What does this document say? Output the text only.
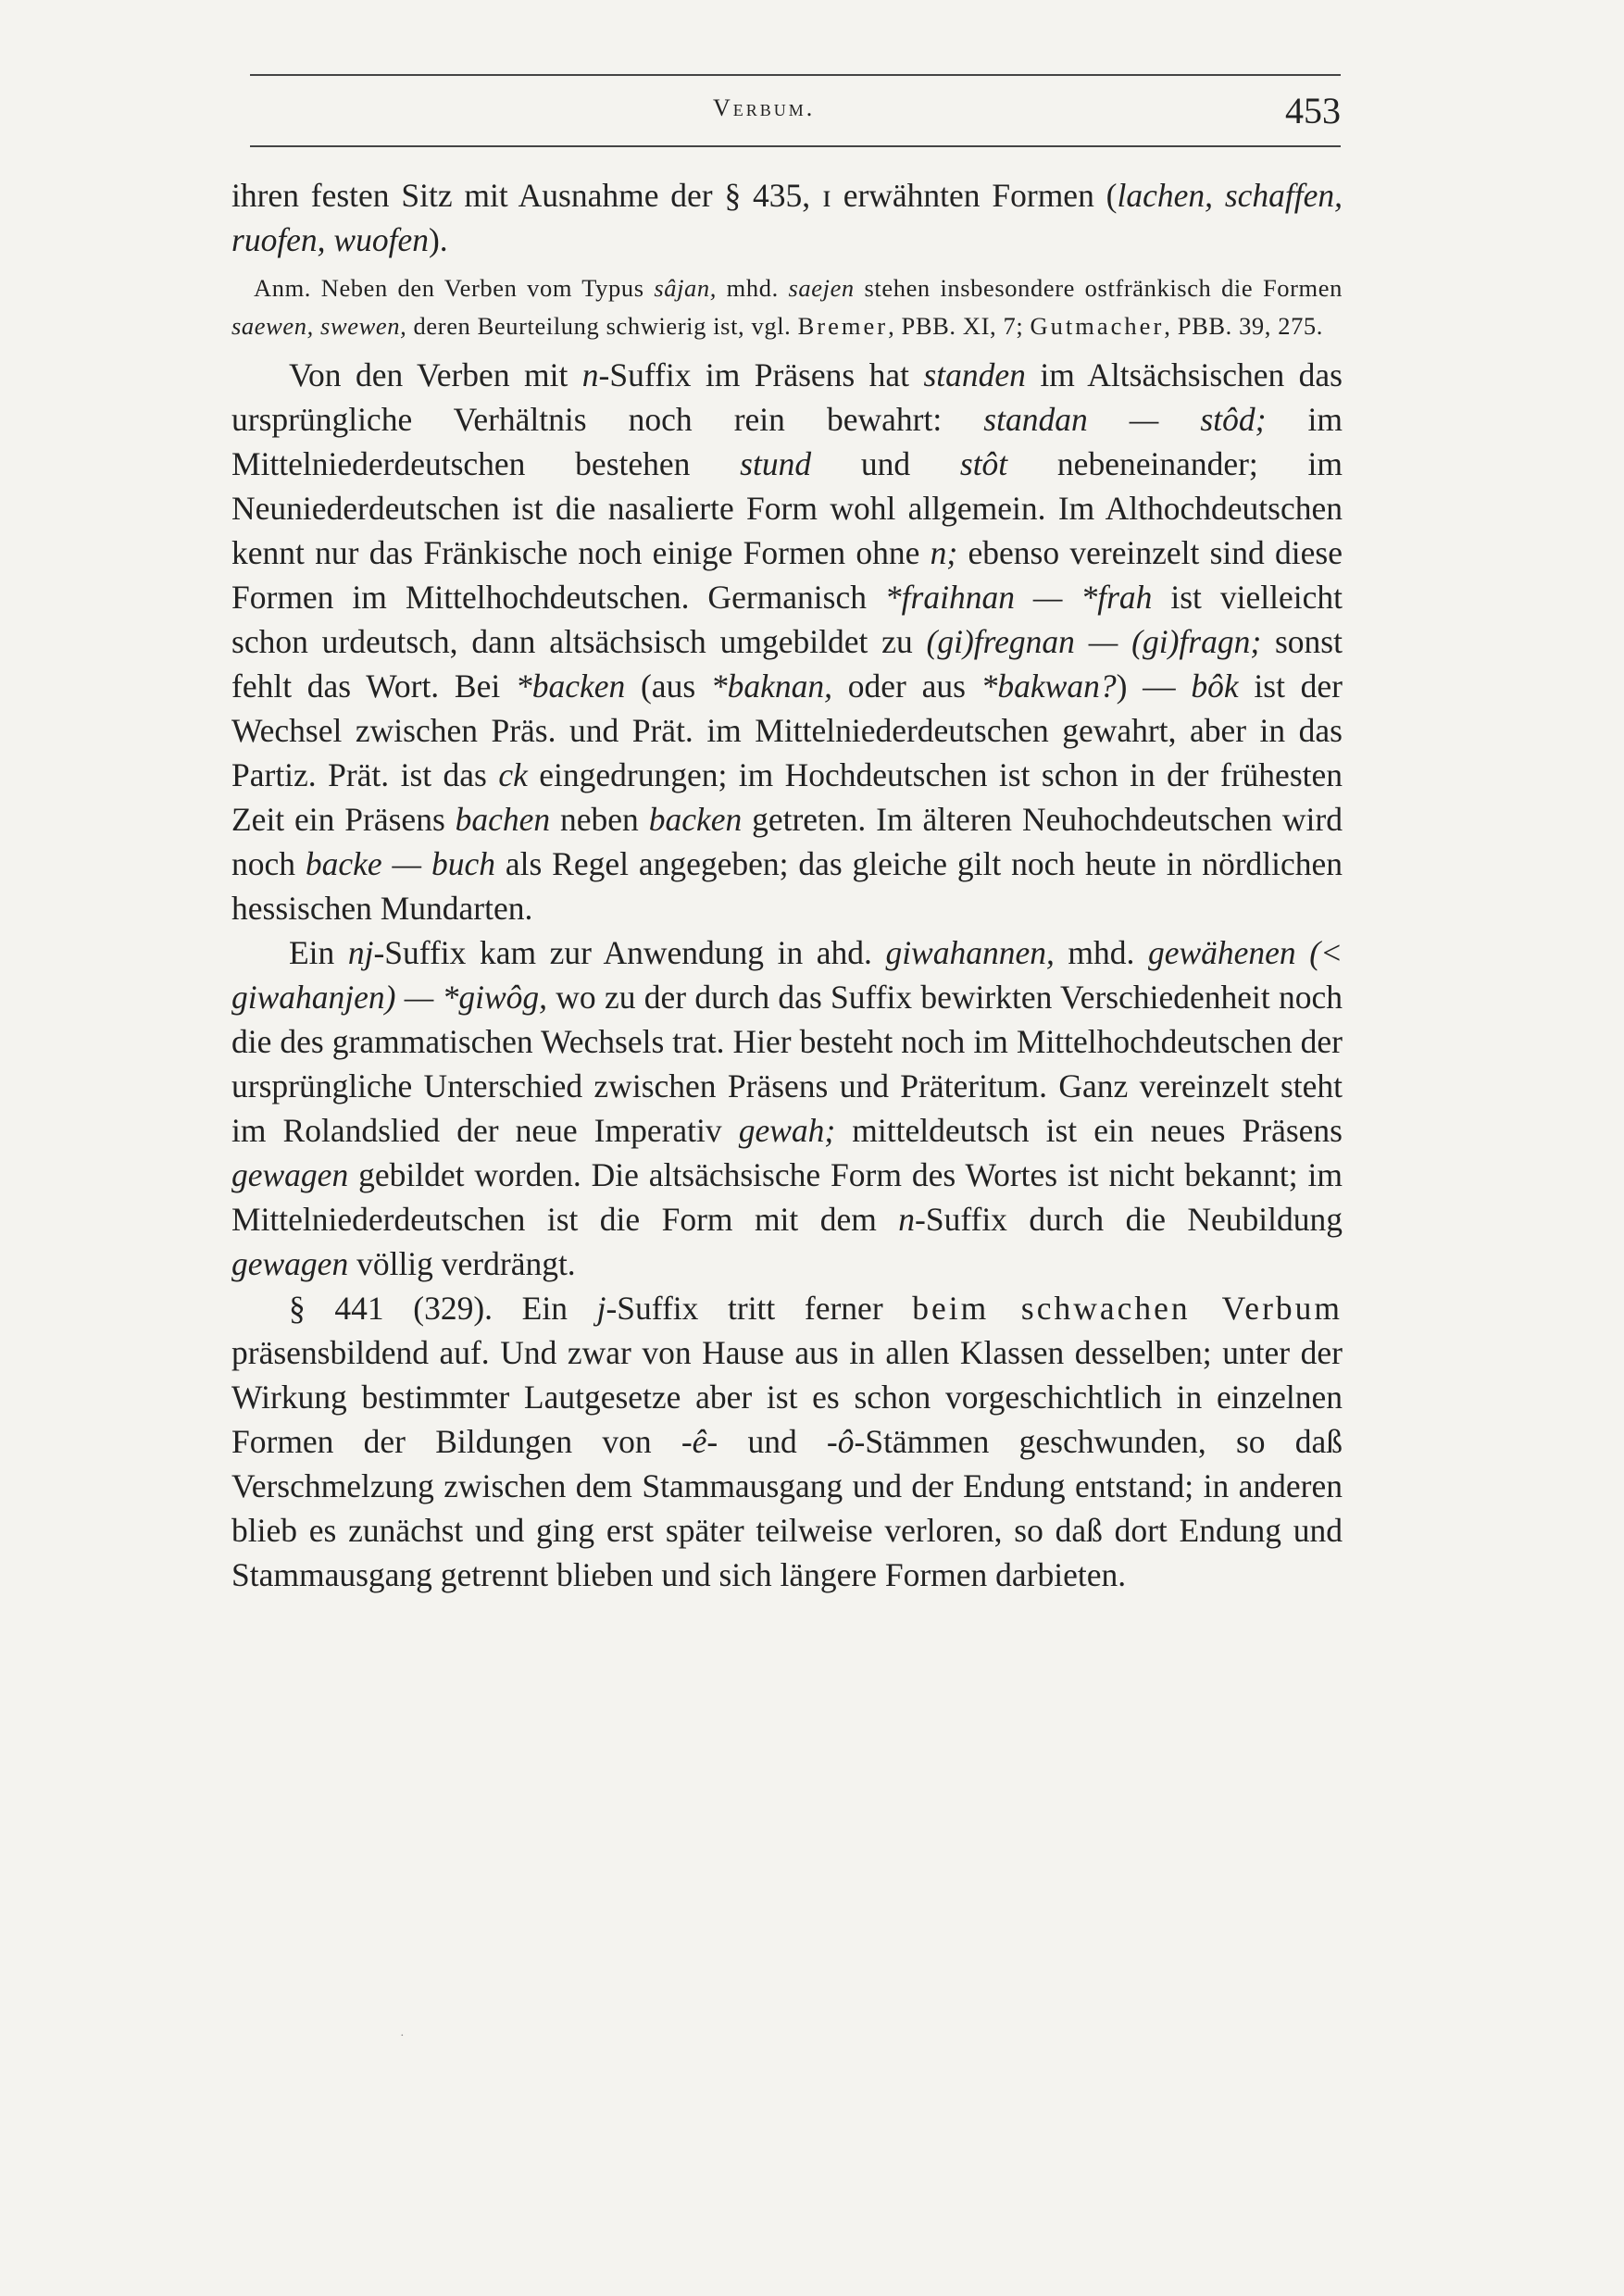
Verbum.	453

ihren festen Sitz mit Ausnahme der § 435, ɪ erwähnten Formen (lachen, schaffen, ruofen, wuofen).

Anm. Neben den Verben vom Typus sâjan, mhd. saejen stehen insbesondere ostfränkisch die Formen saewen, swewen, deren Beurteilung schwierig ist, vgl. Bremer, PBB. XI, 7; Gutmacher, PBB. 39, 275.

Von den Verben mit n-Suffix im Präsens hat standen im Altsächsischen das ursprüngliche Verhältnis noch rein bewahrt: standan — stôd; im Mittelniederdeutschen bestehen stund und stôt nebeneinander; im Neuniederdeutschen ist die nasalierte Form wohl allgemein. Im Althochdeutschen kennt nur das Fränkische noch einige Formen ohne n; ebenso vereinzelt sind diese Formen im Mittelhochdeutschen. Germanisch *fraihnan — *frah ist vielleicht schon urdeutsch, dann altsächsisch umgebildet zu (gi)fregnan — (gi)fragn; sonst fehlt das Wort. Bei *backen (aus *baknan, oder aus *bakwan?) — bôk ist der Wechsel zwischen Präs. und Prät. im Mittelniederdeutschen gewahrt, aber in das Partiz. Prät. ist das ck eingedrungen; im Hochdeutschen ist schon in der frühesten Zeit ein Präsens bachen neben backen getreten. Im älteren Neuhochdeutschen wird noch backe — buch als Regel angegeben; das gleiche gilt noch heute in nördlichen hessischen Mundarten.

Ein nj-Suffix kam zur Anwendung in ahd. giwahannen, mhd. gewähenen (< giwahanjen) — *giwôg, wo zu der durch das Suffix bewirkten Verschiedenheit noch die des grammatischen Wechsels trat. Hier besteht noch im Mittelhochdeutschen der ursprüngliche Unterschied zwischen Präsens und Präteritum. Ganz vereinzelt steht im Rolandslied der neue Imperativ gewah; mitteldeutsch ist ein neues Präsens gewagen gebildet worden. Die altsächsische Form des Wortes ist nicht bekannt; im Mittelniederdeutschen ist die Form mit dem n-Suffix durch die Neubildung gewagen völlig verdrängt.

§ 441 (329). Ein j-Suffix tritt ferner beim schwachen Verbum präsensbildend auf. Und zwar von Hause aus in allen Klassen desselben; unter der Wirkung bestimmter Lautgesetze aber ist es schon vorgeschichtlich in einzelnen Formen der Bildungen von -ê- und -ô-Stämmen geschwunden, so daß Verschmelzung zwischen dem Stammausgang und der Endung entstand; in anderen blieb es zunächst und ging erst später teilweise verloren, so daß dort Endung und Stammausgang getrennt blieben und sich längere Formen darbieten.

·
